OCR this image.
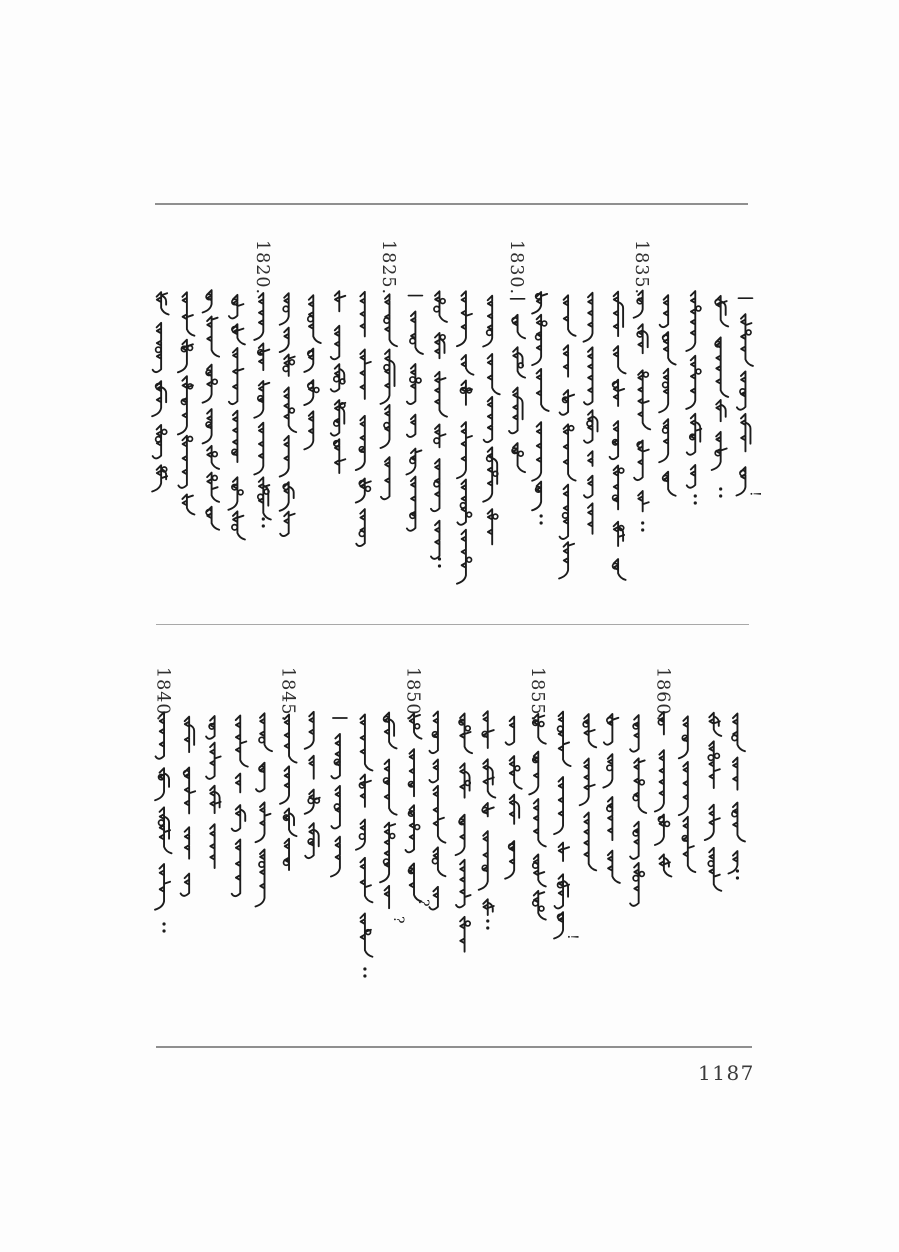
1820.	1825.	1830.	1835.
!
1840.	1845.
?
1850.
?
1855.
!
1860.
1187
